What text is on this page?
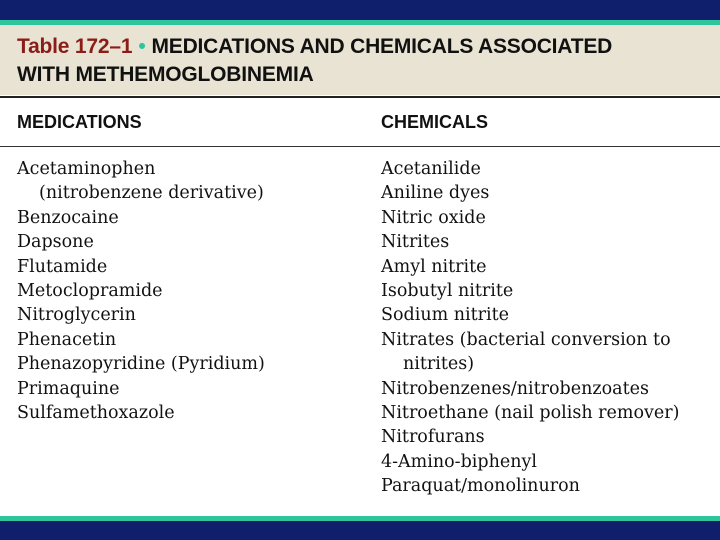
Table 172–1 • MEDICATIONS AND CHEMICALS ASSOCIATED
WITH METHEMOGLOBINEMIA
MEDICATIONS	CHEMICALS
Acetaminophen
(nitrobenzene derivative)
Benzocaine
Dapsone
Flutamide
Metoclopramide
Nitroglycerin
Phenacetin
Phenazopyridine (Pyridium)
Primaquine
Sulfamethoxazole
Acetanilide
Aniline dyes
Nitric oxide
Nitrites
Amyl nitrite
Isobutyl nitrite
Sodium nitrite
Nitrates (bacterial conversion to
nitrites)
Nitrobenzenes/nitrobenzoates
Nitroethane (nail polish remover)
Nitrofurans
4-Amino-biphenyl
Paraquat/monolinuron
